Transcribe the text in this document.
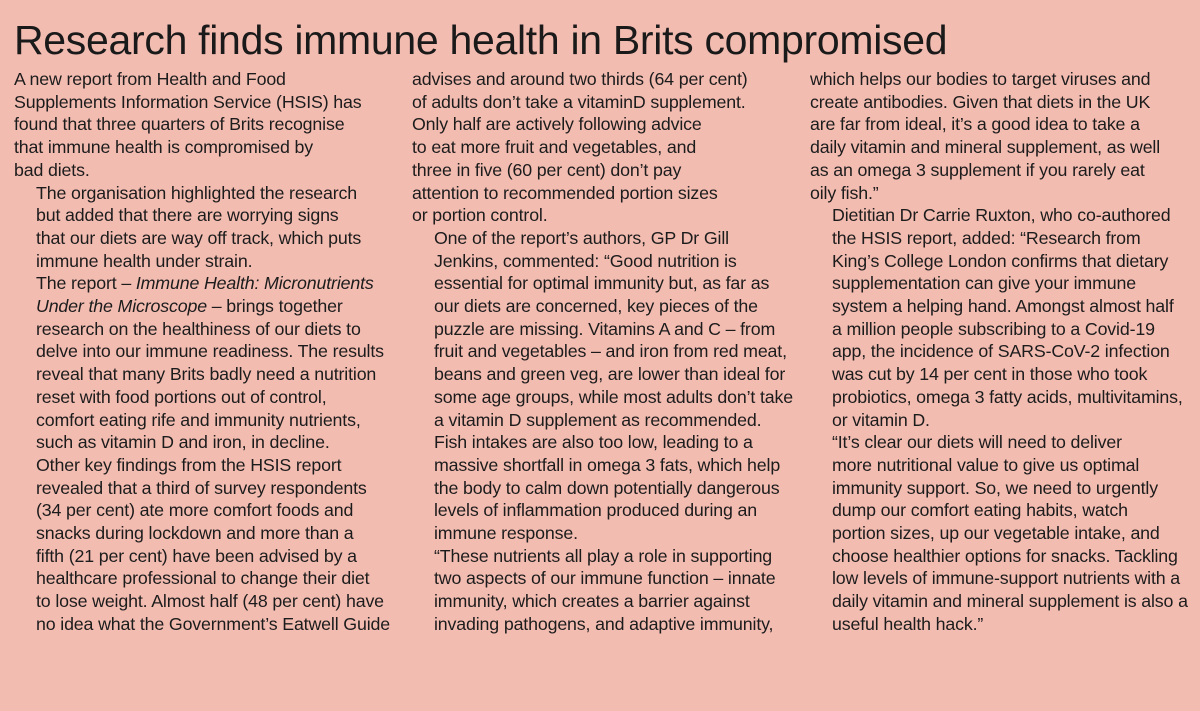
Research finds immune health in Brits compromised

A new report from Health and Food
Supplements Information Service (HSIS) has
found that three quarters of Brits recognise
that immune health is compromised by
bad diets.

The organisation highlighted the research
but added that there are worrying signs
that our diets are way off track, which puts
immune health under strain.

The report – Immune Health: Micronutrients
Under the Microscope – brings together
research on the healthiness of our diets to
delve into our immune readiness. The results
reveal that many Brits badly need a nutrition
reset with food portions out of control,
comfort eating rife and immunity nutrients,
such as vitamin D and iron, in decline.

Other key findings from the HSIS report
revealed that a third of survey respondents
(34 per cent) ate more comfort foods and
snacks during lockdown and more than a
fifth (21 per cent) have been advised by a
healthcare professional to change their diet
to lose weight. Almost half (48 per cent) have
no idea what the Government’s Eatwell Guide

advises and around two thirds (64 per cent)
of adults don’t take a vitaminD supplement.
Only half are actively following advice
to eat more fruit and vegetables, and
three in five (60 per cent) don’t pay
attention to recommended portion sizes
or portion control.

One of the report’s authors, GP Dr Gill
Jenkins, commented: “Good nutrition is
essential for optimal immunity but, as far as
our diets are concerned, key pieces of the
puzzle are missing. Vitamins A and C – from
fruit and vegetables – and iron from red meat,
beans and green veg, are lower than ideal for
some age groups, while most adults don’t take
a vitamin D supplement as recommended.
Fish intakes are also too low, leading to a
massive shortfall in omega 3 fats, which help
the body to calm down potentially dangerous
levels of inflammation produced during an
immune response.

“These nutrients all play a role in supporting
two aspects of our immune function – innate
immunity, which creates a barrier against
invading pathogens, and adaptive immunity,

which helps our bodies to target viruses and
create antibodies. Given that diets in the UK
are far from ideal, it’s a good idea to take a
daily vitamin and mineral supplement, as well
as an omega 3 supplement if you rarely eat
oily fish.”

Dietitian Dr Carrie Ruxton, who co-authored
the HSIS report, added: “Research from
King’s College London confirms that dietary
supplementation can give your immune
system a helping hand. Amongst almost half
a million people subscribing to a Covid-19
app, the incidence of SARS-CoV-2 infection
was cut by 14 per cent in those who took
probiotics, omega 3 fatty acids, multivitamins,
or vitamin D.

“It’s clear our diets will need to deliver
more nutritional value to give us optimal
immunity support. So, we need to urgently
dump our comfort eating habits, watch
portion sizes, up our vegetable intake, and
choose healthier options for snacks. Tackling
low levels of immune-support nutrients with a
daily vitamin and mineral supplement is also a
useful health hack.”
